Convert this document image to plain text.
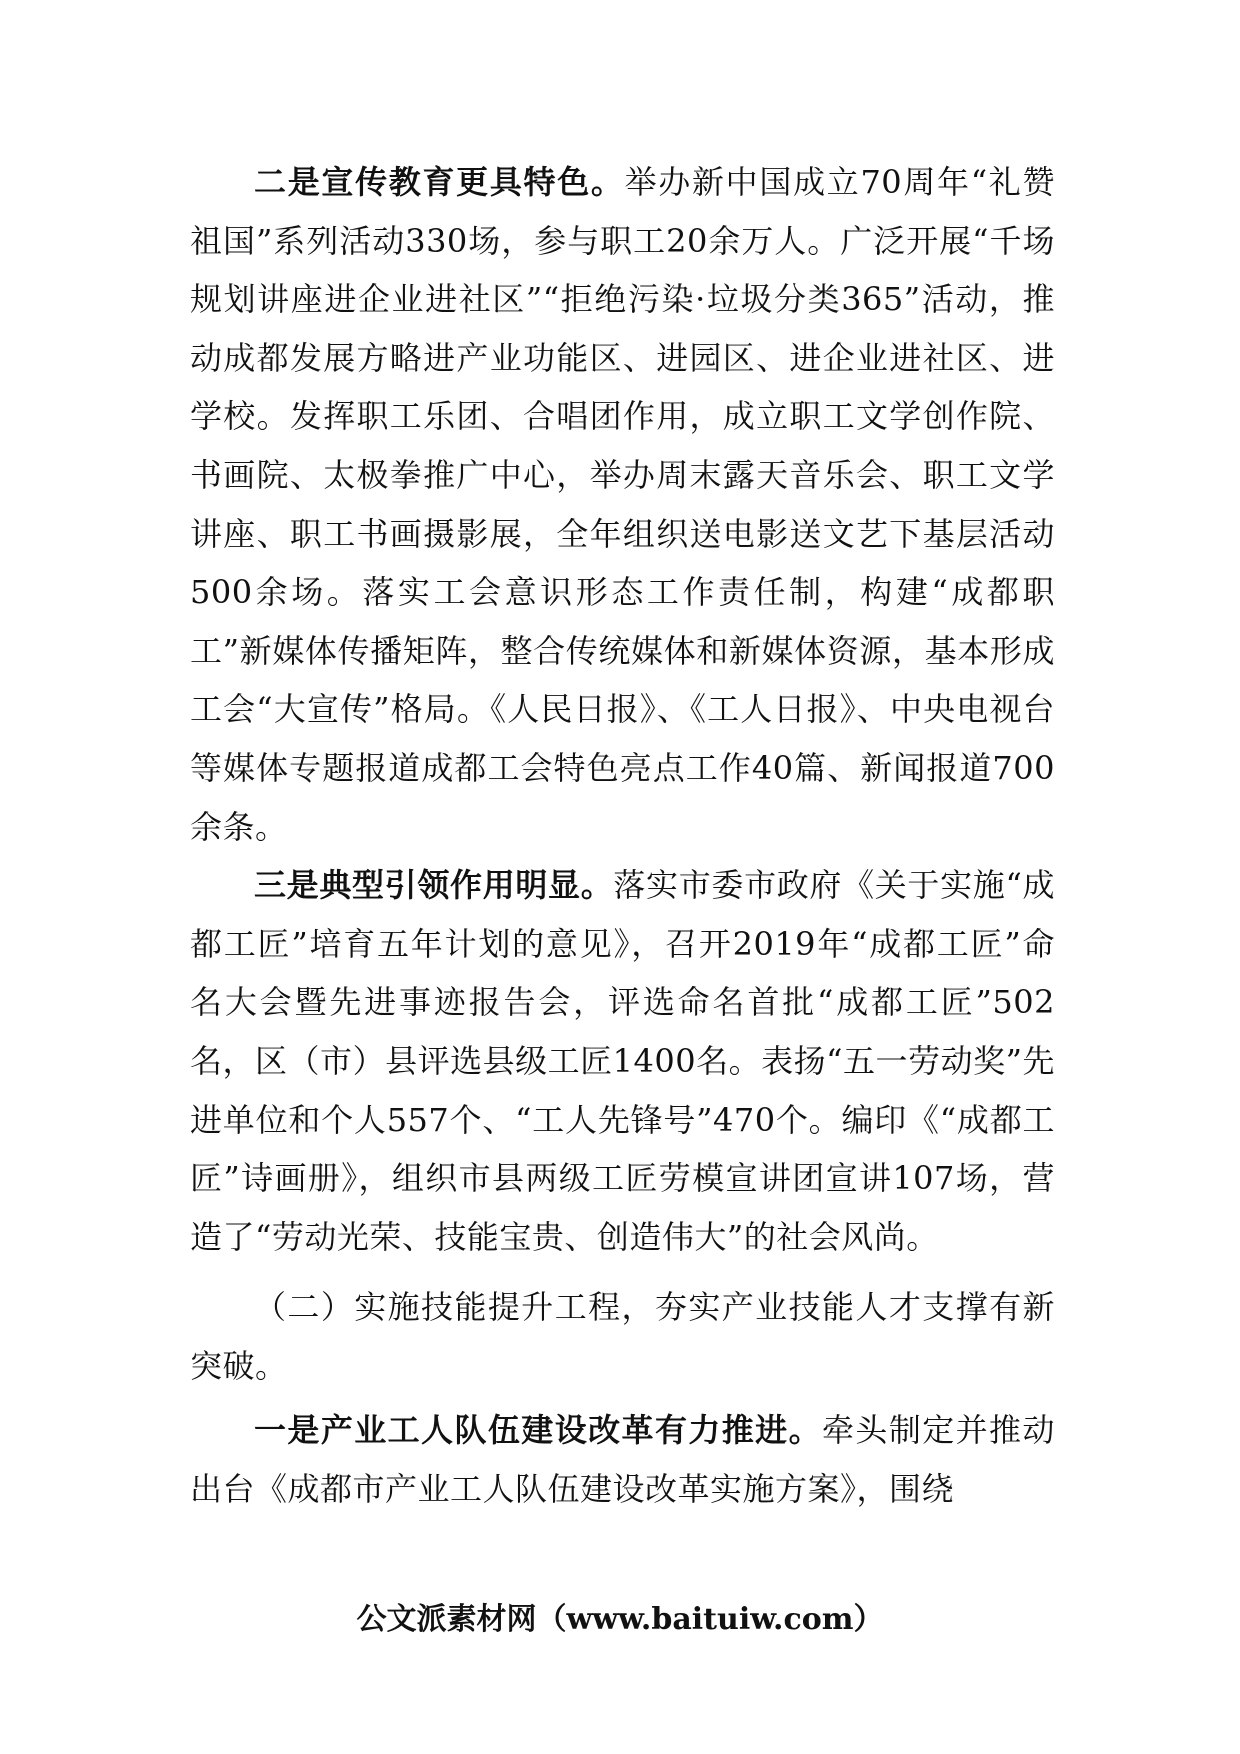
二是宣传教育更具特色。举办新中国成立70周年“礼赞祖国”系列活动330场，参与职工20余万人。广泛开展“千场规划讲座进企业进社区”“拒绝污染·垃圾分类365”活动，推动成都发展方略进产业功能区、进园区、进企业进社区、进学校。发挥职工乐团、合唱团作用，成立职工文学创作院、书画院、太极拳推广中心，举办周末露天音乐会、职工文学讲座、职工书画摄影展，全年组织送电影送文艺下基层活动500余场。落实工会意识形态工作责任制，构建“成都职工”新媒体传播矩阵，整合传统媒体和新媒体资源，基本形成工会“大宣传”格局。《人民日报》、《工人日报》、中央电视台等媒体专题报道成都工会特色亮点工作40篇、新闻报道700余条。

三是典型引领作用明显。落实市委市政府《关于实施“成都工匠”培育五年计划的意见》，召开2019年“成都工匠”命名大会暨先进事迹报告会，评选命名首批“成都工匠”502名，区（市）县评选县级工匠1400名。表扬“五一劳动奖”先进单位和个人557个、“工人先锋号”470个。编印《“成都工匠”诗画册》，组织市县两级工匠劳模宣讲团宣讲107场，营造了“劳动光荣、技能宝贵、创造伟大”的社会风尚。

（二）实施技能提升工程，夯实产业技能人才支撑有新突破。

一是产业工人队伍建设改革有力推进。牵头制定并推动出台《成都市产业工人队伍建设改革实施方案》，围绕

公文派素材网（www.baituiw.com）
